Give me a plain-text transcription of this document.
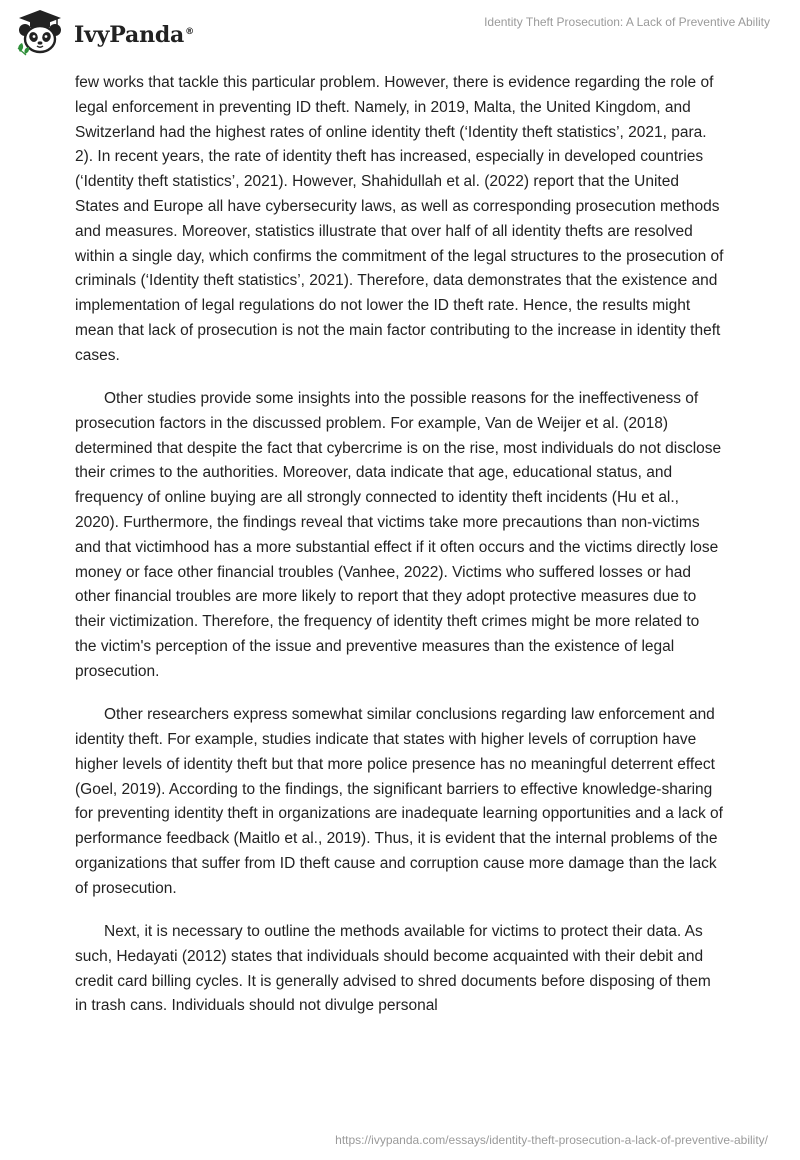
IvyPanda®
Identity Theft Prosecution: A Lack of Preventive Ability

few works that tackle this particular problem. However, there is evidence regarding the role of legal enforcement in preventing ID theft. Namely, in 2019, Malta, the United Kingdom, and Switzerland had the highest rates of online identity theft (‘Identity theft statistics’, 2021, para. 2). In recent years, the rate of identity theft has increased, especially in developed countries (‘Identity theft statistics’, 2021). However, Shahidullah et al. (2022) report that the United States and Europe all have cybersecurity laws, as well as corresponding prosecution methods and measures. Moreover, statistics illustrate that over half of all identity thefts are resolved within a single day, which confirms the commitment of the legal structures to the prosecution of criminals (‘Identity theft statistics’, 2021). Therefore, data demonstrates that the existence and implementation of legal regulations do not lower the ID theft rate. Hence, the results might mean that lack of prosecution is not the main factor contributing to the increase in identity theft cases.

Other studies provide some insights into the possible reasons for the ineffectiveness of prosecution factors in the discussed problem. For example, Van de Weijer et al. (2018) determined that despite the fact that cybercrime is on the rise, most individuals do not disclose their crimes to the authorities. Moreover, data indicate that age, educational status, and frequency of online buying are all strongly connected to identity theft incidents (Hu et al., 2020). Furthermore, the findings reveal that victims take more precautions than non-victims and that victimhood has a more substantial effect if it often occurs and the victims directly lose money or face other financial troubles (Vanhee, 2022). Victims who suffered losses or had other financial troubles are more likely to report that they adopt protective measures due to their victimization. Therefore, the frequency of identity theft crimes might be more related to the victim's perception of the issue and preventive measures than the existence of legal prosecution.

Other researchers express somewhat similar conclusions regarding law enforcement and identity theft. For example, studies indicate that states with higher levels of corruption have higher levels of identity theft but that more police presence has no meaningful deterrent effect (Goel, 2019). According to the findings, the significant barriers to effective knowledge-sharing for preventing identity theft in organizations are inadequate learning opportunities and a lack of performance feedback (Maitlo et al., 2019). Thus, it is evident that the internal problems of the organizations that suffer from ID theft cause and corruption cause more damage than the lack of prosecution.

Next, it is necessary to outline the methods available for victims to protect their data. As such, Hedayati (2012) states that individuals should become acquainted with their debit and credit card billing cycles. It is generally advised to shred documents before disposing of them in trash cans. Individuals should not divulge personal

https://ivypanda.com/essays/identity-theft-prosecution-a-lack-of-preventive-ability/
